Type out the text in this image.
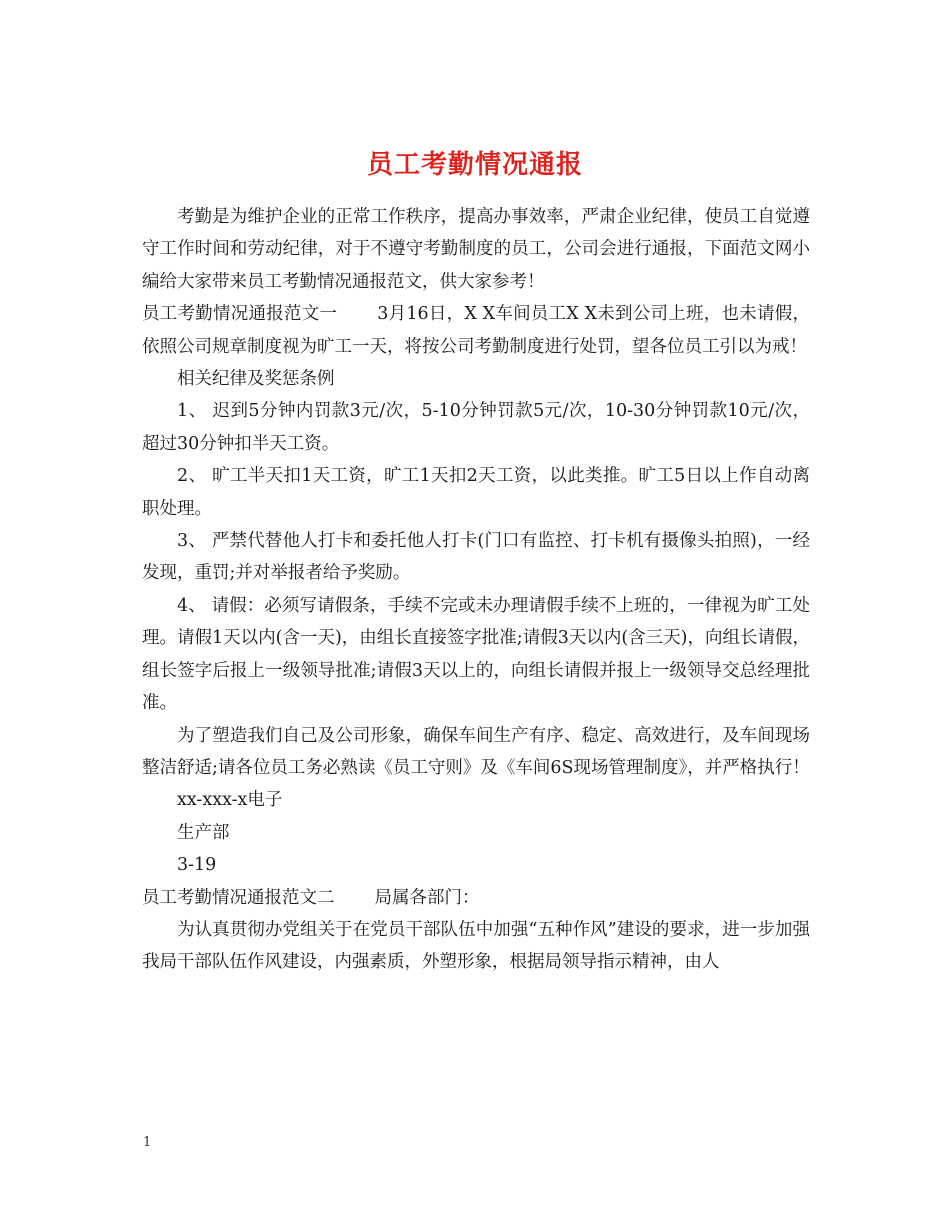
员工考勤情况通报

考勤是为维护企业的正常工作秩序，提高办事效率，严肃企业纪律，使员工自觉遵守工作时间和劳动纪律，对于不遵守考勤制度的员工，公司会进行通报，下面范文网小编给大家带来员工考勤情况通报范文，供大家参考！

员工考勤情况通报范文一 3月16日，X X车间员工X X未到公司上班，也未请假，依照公司规章制度视为旷工一天，将按公司考勤制度进行处罚，望各位员工引以为戒！

相关纪律及奖惩条例

1、 迟到5分钟内罚款3元/次，5-10分钟罚款5元/次，10-30分钟罚款10元/次，超过30分钟扣半天工资。

2、 旷工半天扣1天工资，旷工1天扣2天工资，以此类推。旷工5日以上作自动离职处理。

3、 严禁代替他人打卡和委托他人打卡(门口有监控、打卡机有摄像头拍照)，一经发现，重罚;并对举报者给予奖励。

4、 请假：必须写请假条，手续不完或未办理请假手续不上班的，一律视为旷工处理。请假1天以内(含一天)，由组长直接签字批准;请假3天以内(含三天)，向组长请假，组长签字后报上一级领导批准;请假3天以上的，向组长请假并报上一级领导交总经理批准。

为了塑造我们自己及公司形象，确保车间生产有序、稳定、高效进行，及车间现场整洁舒适;请各位员工务必熟读《员工守则》及《车间6S现场管理制度》，并严格执行！

xx-xxx-x电子

生产部

3-19

员工考勤情况通报范文二 局属各部门：

为认真贯彻办党组关于在党员干部队伍中加强“五种作风”建设的要求，进一步加强我局干部队伍作风建设，内强素质，外塑形象，根据局领导指示精神，由人

1
